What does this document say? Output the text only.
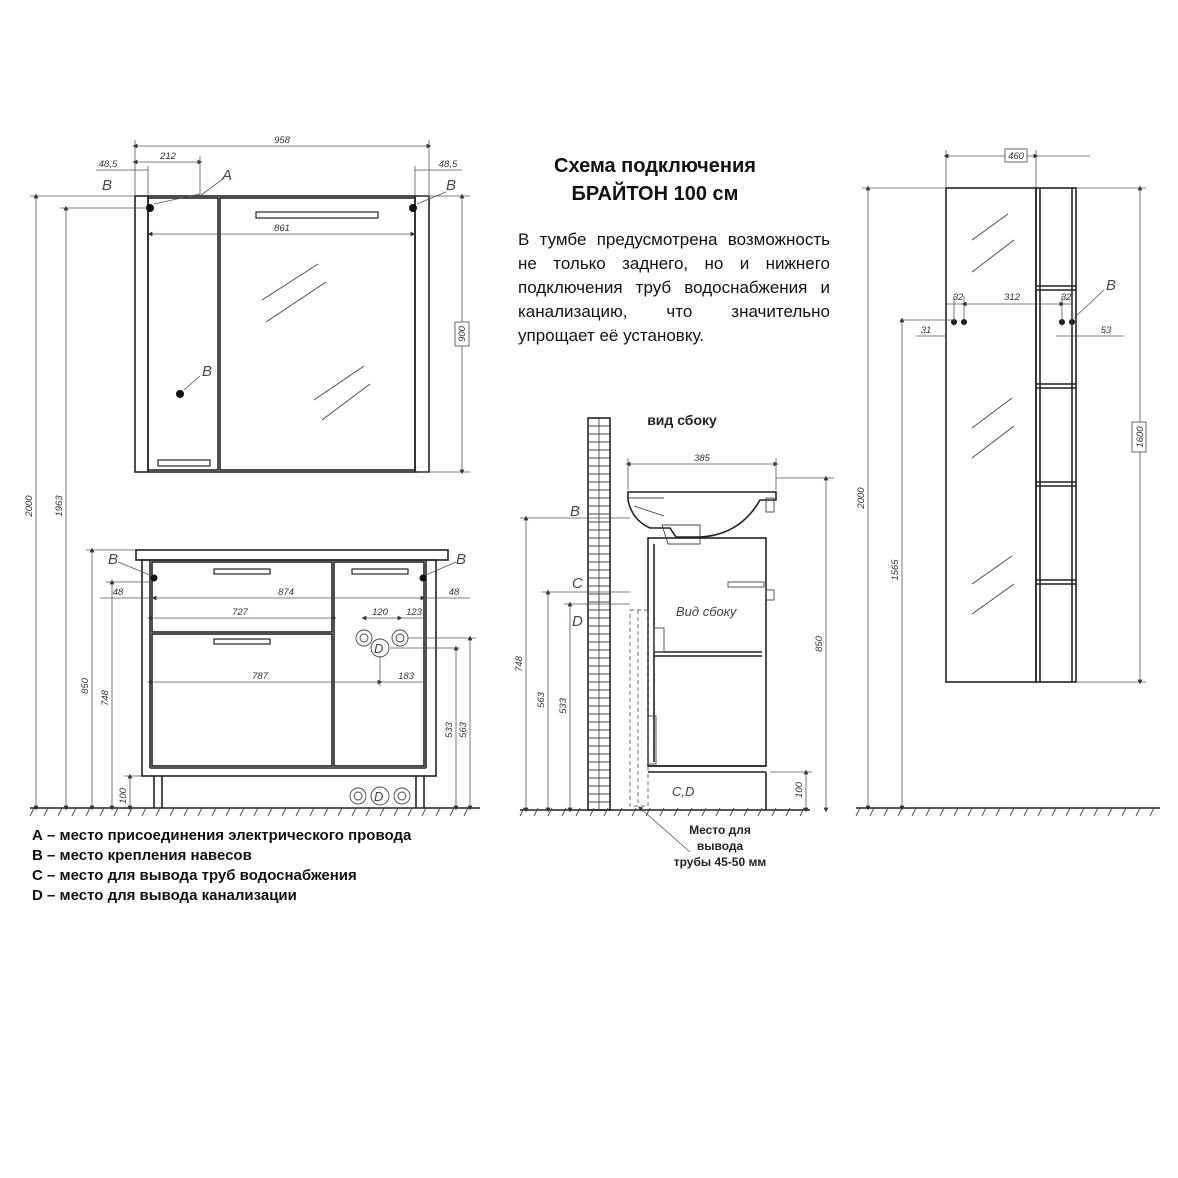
958
212
48,5	48,5
861
900
A
B	B
B
2000 1963
D
D
874
48	48
727	120 123
787	183
850
748
100
563
533
B	B
Вид сбоку
C,D
385
850
100
748
563 533
B
C
D
вид сбоку
Место для
вывода
трубы 45-50 мм
460
32	312	32
31	53
1600
2000
1565
B
Схема подключения
БРАЙТОН 100 см
В тумбе предусмотрена возможность не только заднего, но и нижнего подключения труб водоснабжения и канализацию, что значительно упрощает её установку.
А – место присоединения электрического провода
В – место крепления навесов
С – место для вывода труб водоснабжения
D – место для вывода канализации
